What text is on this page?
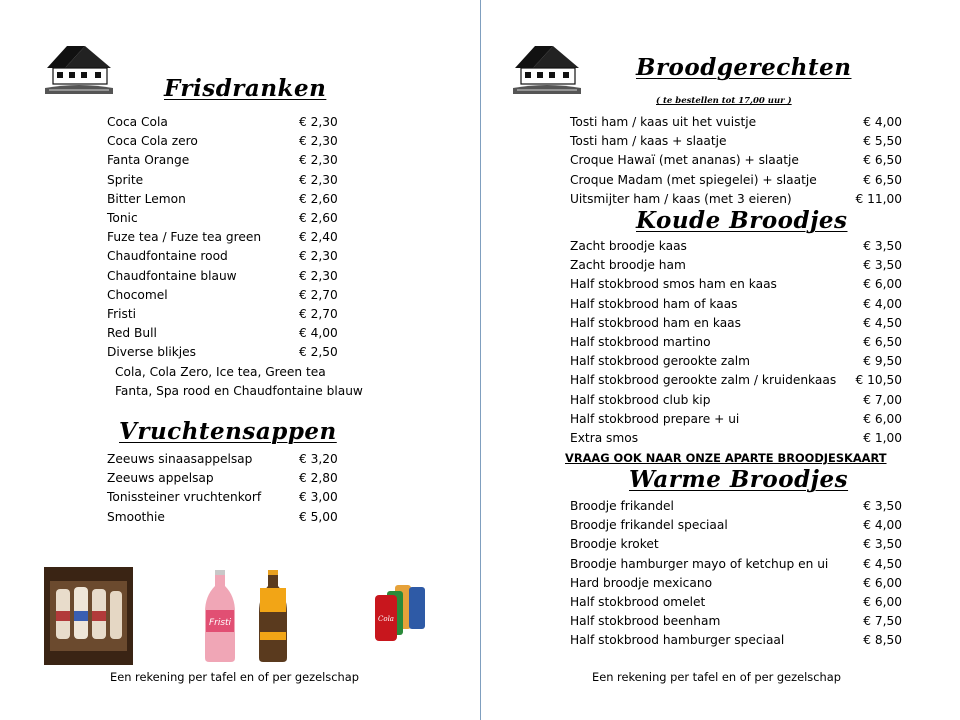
Frisdranken
Coca Cola	€ 2,30
Coca Cola zero	€ 2,30
Fanta Orange	€ 2,30
Sprite	€ 2,30
Bitter Lemon	€ 2,60
Tonic	€ 2,60
Fuze tea / Fuze tea green	€ 2,40
Chaudfontaine rood	€ 2,30
Chaudfontaine blauw	€ 2,30
Chocomel	€ 2,70
Fristi	€ 2,70
Red Bull	€ 4,00
Diverse blikjes	€ 2,50
Cola, Cola Zero, Ice tea, Green tea
Fanta, Spa rood en Chaudfontaine blauw
Vruchtensappen
Zeeuws sinaasappelsap	€ 3,20
Zeeuws appelsap	€ 2,80
Tonissteiner vruchtenkorf	€ 3,00
Smoothie	€ 5,00
Fristi	Cola
Een rekening per tafel en of per gezelschap
Broodgerechten
( te bestellen tot 17,00 uur )
Tosti ham / kaas uit het vuistje	€ 4,00
Tosti ham / kaas + slaatje	€ 5,50
Croque Hawaï (met ananas) + slaatje	€ 6,50
Croque Madam (met spiegelei) + slaatje	€ 6,50
Uitsmijter ham / kaas (met 3 eieren)	€ 11,00
Koude Broodjes
Zacht broodje kaas	€ 3,50
Zacht broodje ham	€ 3,50
Half stokbrood smos ham en kaas	€ 6,00
Half stokbrood ham of kaas	€ 4,00
Half stokbrood ham en kaas	€ 4,50
Half stokbrood martino	€ 6,50
Half stokbrood gerookte zalm	€ 9,50
Half stokbrood gerookte zalm / kruidenkaas € 10,50
Half stokbrood club kip	€ 7,00
Half stokbrood prepare + ui	€ 6,00
Extra smos	€ 1,00
VRAAG OOK NAAR ONZE APARTE BROODJESKAART
Warme Broodjes
Broodje frikandel	€ 3,50
Broodje frikandel speciaal	€ 4,00
Broodje kroket	€ 3,50
Broodje hamburger mayo of ketchup en ui	€ 4,50
Hard broodje mexicano	€ 6,00
Half stokbrood omelet	€ 6,00
Half stokbrood beenham	€ 7,50
Half stokbrood hamburger speciaal	€ 8,50
Een rekening per tafel en of per gezelschap
